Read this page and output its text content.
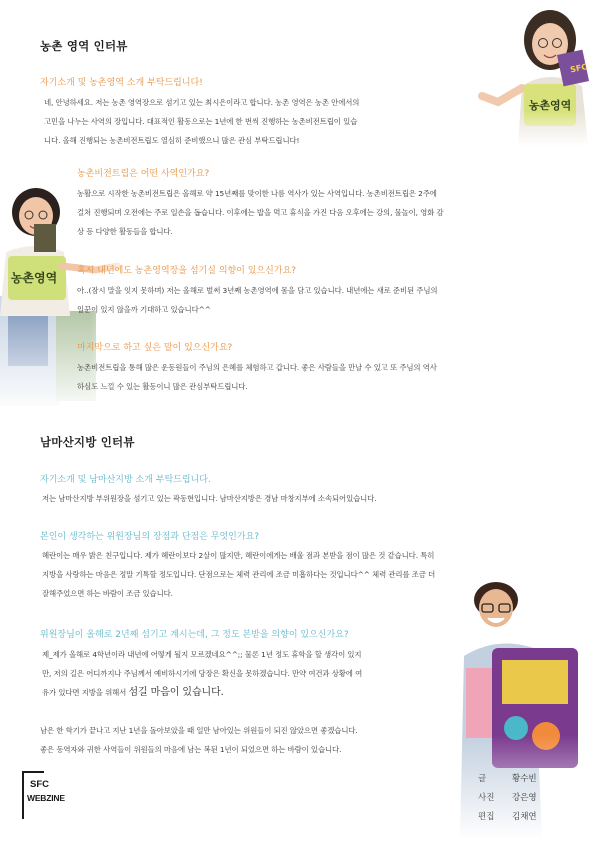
농촌 영역 인터뷰
자기소개 및 농촌영역 소개 부탁드립니다!
네, 안녕하세요. 저는 농촌 영역장으로 섬기고 있는 최시은이라고 합니다. 농촌 영역은 농촌 안에서의
고민을 나누는 사역의 장입니다. 대표적인 활동으로는 1년에 한 번씩 진행하는 농촌비전트립이 있습
니다. 올해 진행되는 농촌비전트립도 열심히 준비했으니 많은 관심 부탁드립니다!
농촌비전트립은 어떤 사역인가요?
농활으로 시작한 농촌비전트립은 올해로 약 15년째를 맞이한 나름 역사가 있는 사역입니다. 농촌비전트립은 2주에
걸쳐 진행되며 오전에는 주로 일손을 돕습니다. 이후에는 밥을 먹고 휴식을 가진 다음 오후에는 강의, 물놀이, 영화 감
상 등 다양한 활동들을 합니다.
혹시 내년에도 농촌영역장을 섬기실 의향이 있으신가요?
아..(잠시 말을 잇지 못하며) 저는 올해로 벌써 3년째 농촌영역에 몸을 담고 있습니다. 내년에는 새로 준비된 주님의
일꾼이 있지 않을까 기대하고 있습니다^^
마지막으로 하고 싶은 말이 있으신가요?
농촌비전트립을 통해 많은 운동원들이 주님의 은혜를 체험하고 갑니다. 좋은 사람들을 만날 수 있고 또 주님의 역사
하심도 느낄 수 있는 활동이니 많은 관심부탁드립니다.
남마산지방 인터뷰
자기소개 및 남마산지방 소개 부탁드립니다.
저는 남마산지방 부위원장을 섬기고 있는 곽동현입니다. 남마산지방은 경남 마창지부에 소속되어있습니다.
본인이 생각하는 위원장님의 장점과 단점은 무엇인가요?
혜란이는 매우 밝은 친구입니다. 제가 혜란이보다 2살이 많지만, 혜란이에게는 배울 점과 본받을 점이 많은 것 같습니다. 특히
지방을 사랑하는 마음은 정말 기특할 정도입니다. 단점으로는 체력 관리에 조금 미흡하다는 것입니다^^ 체력 관리를 조금 더
잘해주었으면 하는 바람이 조금 있습니다.
위원장님이 올해로 2년째 섬기고 계시는데, 그 정도 본받을 의향이 있으신가요?
제_제가 올해로 4학년이라 내년에 어떻게 될지 모르겠네요^^;; 물론 1년 정도 휴학을 할 생각이 있지
만, 저의 길은 어디까지나 주님께서 예비하시기에 당장은 확신을 못하겠습니다. 만약 여건과 상황에 여
유가 있다면 지방을 위해서 섬길 마음이 있습니다.
남은 한 학기가 끝나고 지난 1년을 돌아보았을 때 일만 남아있는 위원들이 되진 않았으면 좋겠습니다.
좋은 동역자와 귀한 사역들이 위원들의 마음에 남는 복된 1년이 되었으면 하는 바람이 있습니다.
SFC
WEBZINE
글	황수빈
사진 강은영
편집 김채연
